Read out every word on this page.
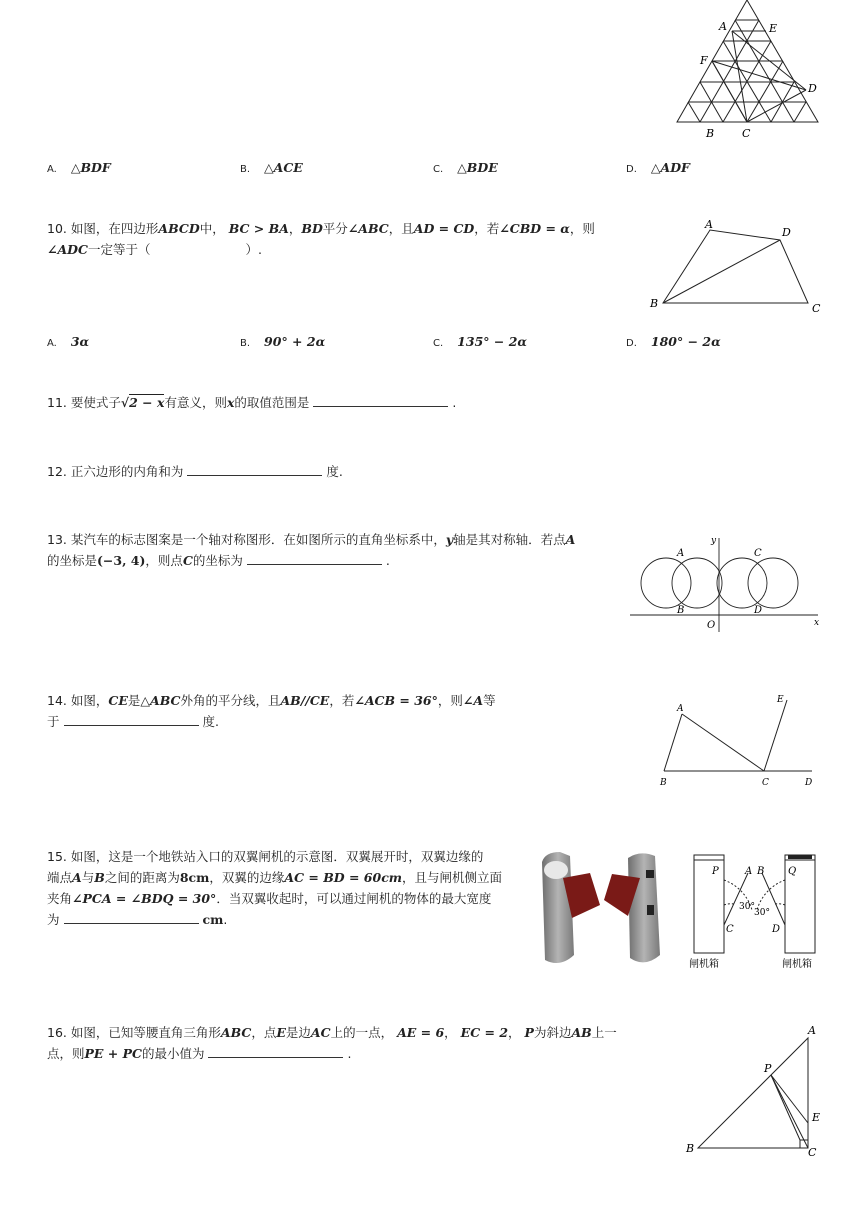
A	E
F
D
B	C
A. △BDF	B. △ACE	C. △BDE	D. △ADF
10. 如图，在四边形ABCD中， BC > BA，BD平分∠ABC，且AD = CD，若∠CBD = α，则
∠ADC一定等于（	）.
A
D
B	C
A. 3α	B. 90° + 2α	C. 135° − 2α	D. 180° − 2α
11. 要使式子√2 − x有意义，则x的取值范围是	.
12. 正六边形的内角和为	度.
13. 某汽车的标志图案是一个轴对称图形．在如图所示的直角坐标系中，y轴是其对称轴．若点A
的坐标是(−3, 4)，则点C的坐标为	.
y
x
O
A
B
C
D
14. 如图，CE是△ABC外角的平分线，且AB//CE，若∠ACB = 36°，则∠A等
于	度.
A
E
B	C	D
15. 如图，这是一个地铁站入口的双翼闸机的示意图．双翼展开时，双翼边缘的
端点A与B之间的距离为8cm，双翼的边缘AC = BD = 60cm，且与闸机侧立面
夹角∠PCA = ∠BDQ = 30°．当双翼收起时，可以通过闸机的物体的最大宽度
为	cm.
P	A B Q
C	D
30°
30°
闸机箱	闸机箱
16. 如图，已知等腰直角三角形ABC，点E是边AC上的一点， AE = 6， EC = 2， P为斜边AB上一
点，则PE + PC的最小值为	.
A
P
E
B	C
